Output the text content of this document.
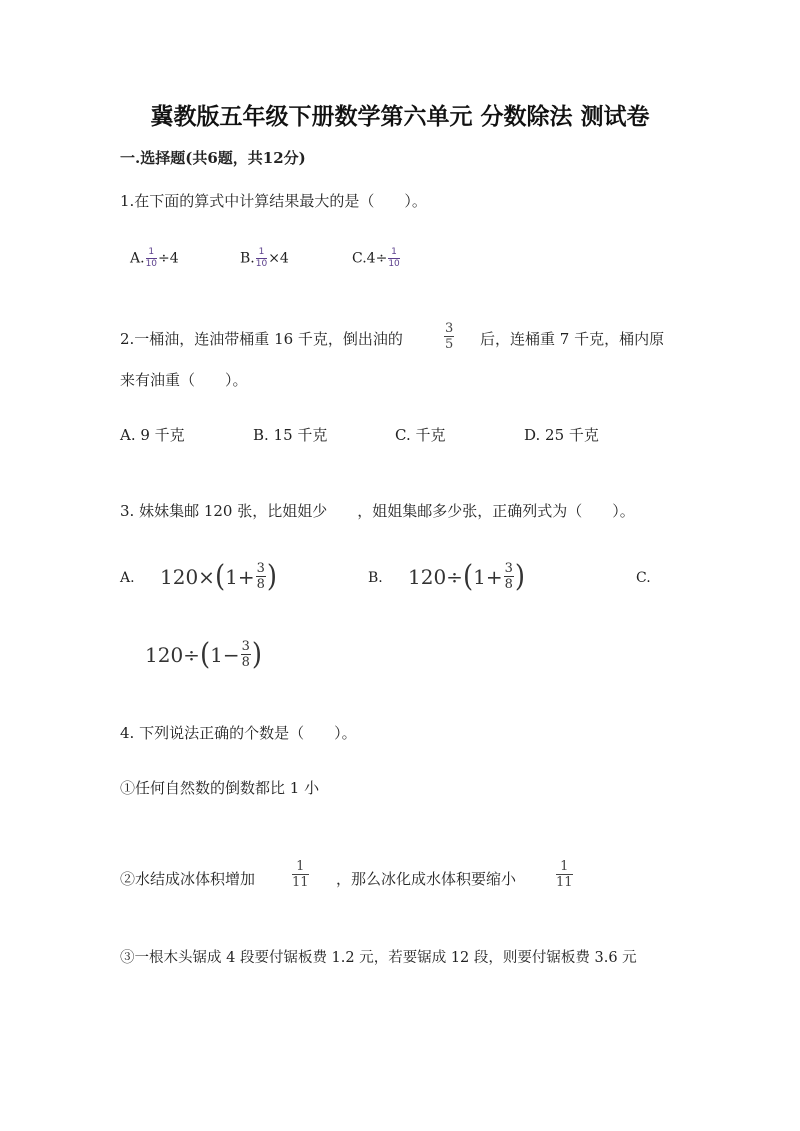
冀教版五年级下册数学第六单元 分数除法 测试卷
一.选择题(共6题，共12分)
1.在下面的算式中计算结果最大的是（　　）。
A. $\frac{1}{10} \div 4$	B. $\frac{1}{10} \times 4$	$C.4\div \frac{1}{10}$
2.一桶油，连油带桶重 16 千克，倒出油的	$\frac{3}{5}$ 后，连桶重 7 千克，桶内原
来有油重（　　）。
A. 9 千克	B. 15 千克	C. 千克	D. 25 千克
3. 妹妹集邮 120 张，比姐姐少　　，姐姐集邮多少张，正确列式为（　　）。
A. 120× ( $1+ \frac{3}{8}$ )	B. 120÷ ( $1+ \frac{3}{8}$ )	C.
120÷ ( $1- \frac{3}{8}$ )
4. 下列说法正确的个数是（　　）。
①任何自然数的倒数都比 1 小
②水结成冰体积增加	$\frac{1}{11}$ ，那么冰化成水体积要缩小	$\frac{1}{11}$
③一根木头锯成 4 段要付锯板费 1.2 元，若要锯成 12 段，则要付锯板费 3.6 元
